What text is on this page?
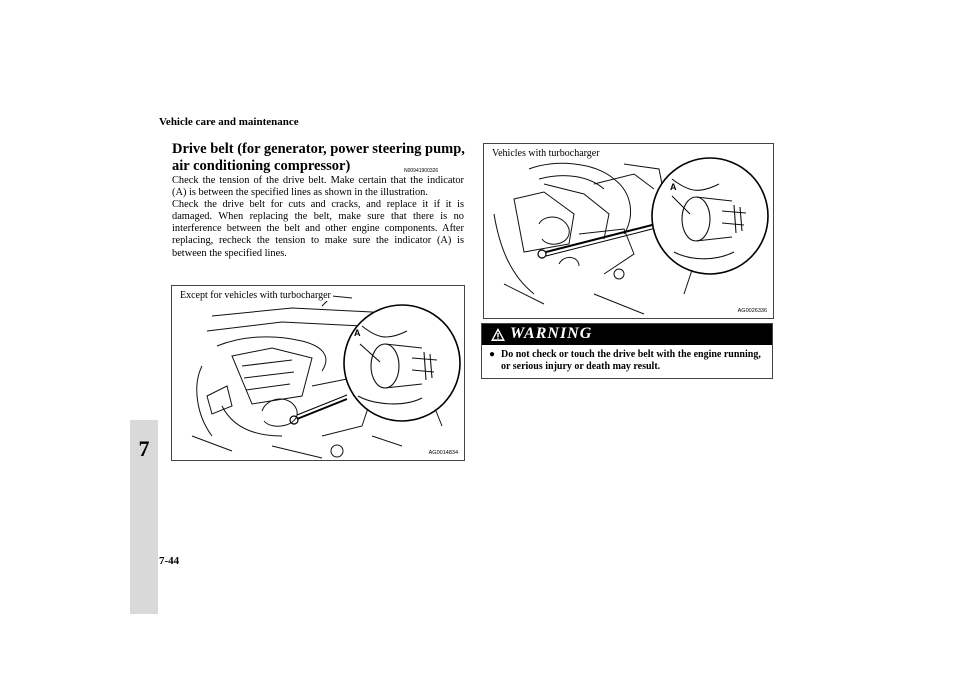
Vehicle care and maintenance
7
Drive belt (for generator, power steering pump, air conditioning compressor)	N00941900326

Check the tension of the drive belt. Make certain that the indicator (A) is between the specified lines as shown in the illustration.

Check the drive belt for cuts and cracks, and replace it if it is damaged. When replacing the belt, make sure that there is no interference between the belt and other engine components. After replacing, recheck the tension to make sure the indicator (A) is between the specified lines.

Except for vehicles with turbocharger
A
AG0014834
Vehicles with turbocharger
A
AG0026336
WARNING
● Do not check or touch the drive belt with the engine running, or serious injury or death may result.
7-44
